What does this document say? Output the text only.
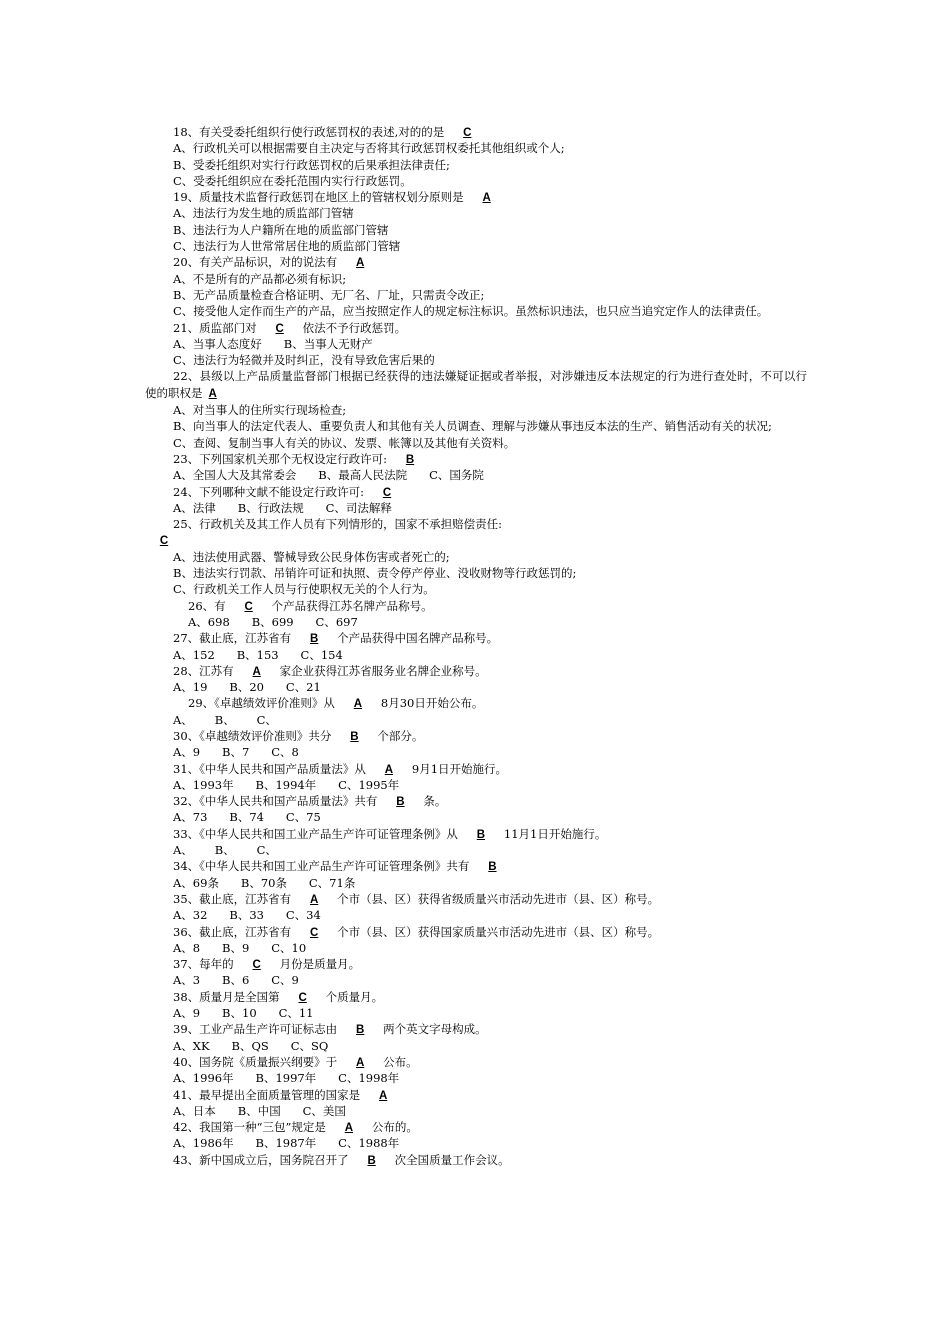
18、有关受委托组织行使行政惩罚权的表述,对的的是 C
A、行政机关可以根据需要自主决定与否将其行政惩罚权委托其他组织或个人;
B、受委托组织对实行行政惩罚权的后果承担法律责任;
C、受委托组织应在委托范围内实行行政惩罚。
19、质量技术监督行政惩罚在地区上的管辖权划分原则是 A
A、违法行为发生地的质监部门管辖
B、违法行为人户籍所在地的质监部门管辖
C、违法行为人世常常居住地的质监部门管辖
20、有关产品标识，对的说法有 A
A、不是所有的产品都必须有标识;
B、无产品质量检查合格证明、无厂名、厂址，只需责令改正;
C、接受他人定作而生产的产品，应当按照定作人的规定标注标识。虽然标识违法，也只应当追究定作人的法律责任。
21、质监部门对 C 依法不予行政惩罚。
A、当事人态度好      B、当事人无财产
C、违法行为轻微并及时纠正，没有导致危害后果的
22、县级以上产品质量监督部门根据已经获得的违法嫌疑证据或者举报，对涉嫌违反本法规定的行为进行查处时，不可以行使的职权是 A
A、对当事人的住所实行现场检查;
B、向当事人的法定代表人、重要负责人和其他有关人员调查、理解与涉嫌从事违反本法的生产、销售活动有关的状况;
C、查阅、复制当事人有关的协议、发票、帐簿以及其他有关资料。
23、下列国家机关那个无权设定行政许可: B
A、全国人大及其常委会      B、最高人民法院      C、国务院
24、下列哪种文献不能设定行政许可: C
A、法律      B、行政法规      C、司法解释
25、行政机关及其工作人员有下列情形的，国家不承担赔偿责任:
C
A、违法使用武器、警械导致公民身体伤害或者死亡的;
B、违法实行罚款、吊销许可证和执照、责令停产停业、没收财物等行政惩罚的;
C、行政机关工作人员与行使职权无关的个人行为。
26、有 C 个产品获得江苏名牌产品称号。
A、698      B、699      C、697
27、截止底，江苏省有 B 个产品获得中国名牌产品称号。
A、152      B、153      C、154
28、江苏有 A 家企业获得江苏省服务业名牌企业称号。
A、19      B、20      C、21
29、《卓越绩效评价准则》从 A 8月30日开始公布。
A、      B、      C、
30、《卓越绩效评价准则》共分 B 个部分。
A、9      B、7      C、8
31、《中华人民共和国产品质量法》从 A 9月1日开始施行。
A、1993年      B、1994年      C、1995年
32、《中华人民共和国产品质量法》共有 B 条。
A、73      B、74      C、75
33、《中华人民共和国工业产品生产许可证管理条例》从 B 11月1日开始施行。
A、      B、      C、
34、《中华人民共和国工业产品生产许可证管理条例》共有 B
A、69条      B、70条      C、71条
35、截止底，江苏省有 A 个市（县、区）获得省级质量兴市活动先进市（县、区）称号。
A、32      B、33      C、34
36、截止底，江苏省有 C 个市（县、区）获得国家质量兴市活动先进市（县、区）称号。
A、8      B、9      C、10
37、每年的 C 月份是质量月。
A、3      B、6      C、9
38、质量月是全国第 C 个质量月。
A、9      B、10      C、11
39、工业产品生产许可证标志由 B 两个英文字母构成。
A、XK      B、QS      C、SQ
40、国务院《质量振兴纲要》于 A 公布。
A、1996年      B、1997年      C、1998年
41、最早提出全面质量管理的国家是 A
A、日本      B、中国      C、美国
42、我国第一种“三包”规定是 A 公布的。
A、1986年      B、1987年      C、1988年
43、新中国成立后，国务院召开了 B 次全国质量工作会议。
